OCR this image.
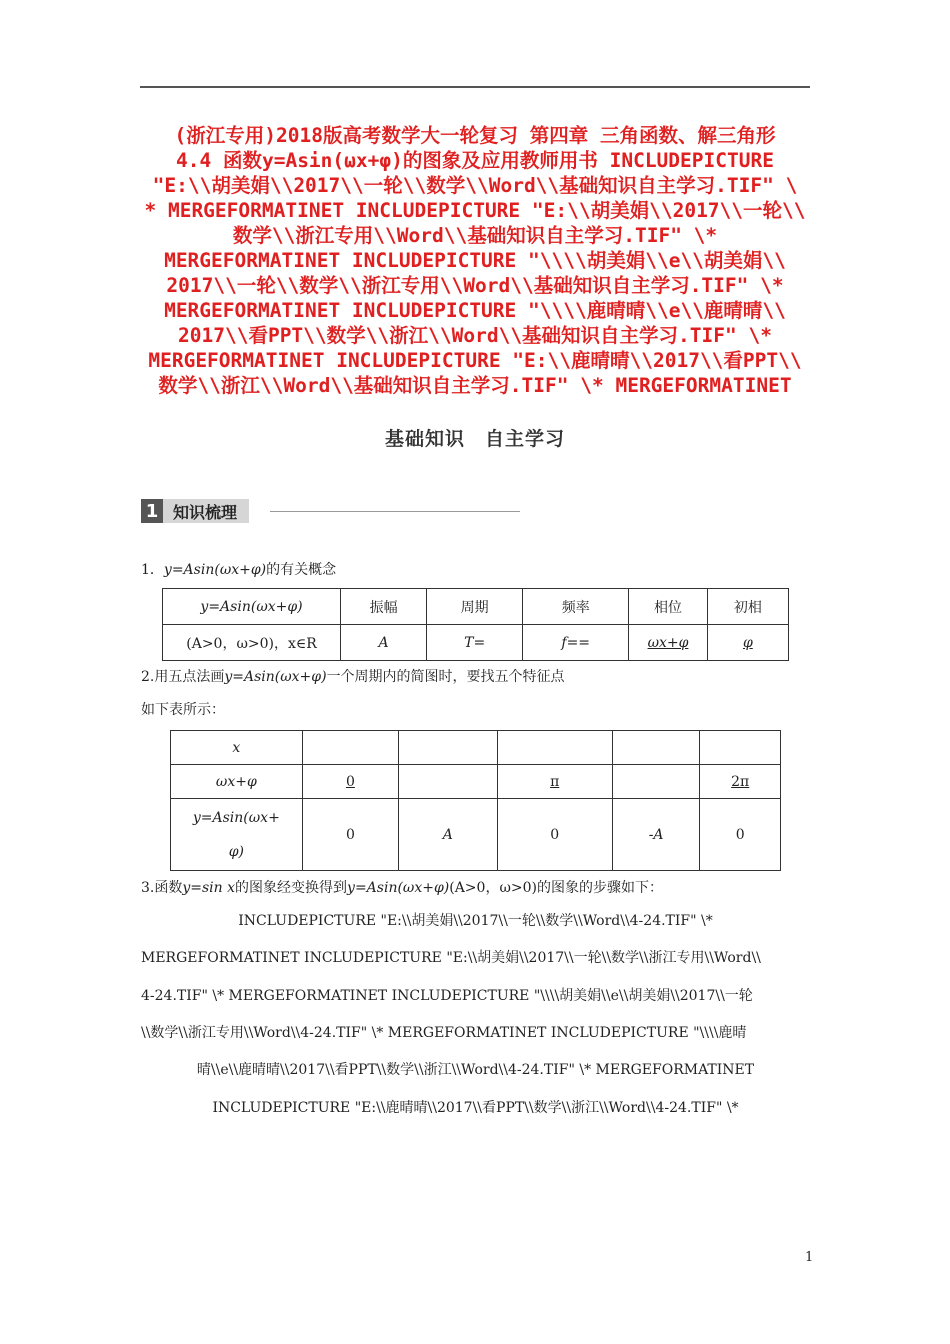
(浙江专用)2018版高考数学大一轮复习 第四章 三角函数、解三角形
4.4 函数y=Asin(ωx+φ)的图象及应用教师用书 INCLUDEPICTURE
"E:\\胡美娟\\2017\\一轮\\数学\\Word\\基础知识自主学习.TIF" \
* MERGEFORMATINET INCLUDEPICTURE "E:\\胡美娟\\2017\\一轮\\
数学\\浙江专用\\Word\\基础知识自主学习.TIF" \*
MERGEFORMATINET INCLUDEPICTURE "\\\\胡美娟\\e\\胡美娟\\
2017\\一轮\\数学\\浙江专用\\Word\\基础知识自主学习.TIF" \*
MERGEFORMATINET INCLUDEPICTURE "\\\\鹿晴晴\\e\\鹿晴晴\\
2017\\看PPT\\数学\\浙江\\Word\\基础知识自主学习.TIF" \*
MERGEFORMATINET INCLUDEPICTURE "E:\\鹿晴晴\\2017\\看PPT\\
数学\\浙江\\Word\\基础知识自主学习.TIF" \* MERGEFORMATINET
基础知识　自主学习
1 知识梳理
1．y=Asin(ωx+φ)的有关概念
y=Asin(ωx+φ)	振幅	周期	频率	相位	初相
(A>0，ω>0)，x∈R	A	T=	f==	ωx+φ	φ
2.用五点法画y=Asin(ωx+φ)一个周期内的简图时，要找五个特征点
如下表所示：
x					
ωx+φ	0		π		2π
y=Asin(ωx+
φ)	0	A	0	-A	0
3.函数y=sin x的图象经变换得到y=Asin(ωx+φ)(A>0，ω>0)的图象的步骤如下：
INCLUDEPICTURE "E:\\胡美娟\\2017\\一轮\\数学\\Word\\4-24.TIF" \*
MERGEFORMATINET INCLUDEPICTURE "E:\\胡美娟\\2017\\一轮\\数学\\浙江专用\\Word\\
4-24.TIF" \* MERGEFORMATINET INCLUDEPICTURE "\\\\胡美娟\\e\\胡美娟\\2017\\一轮
\\数学\\浙江专用\\Word\\4-24.TIF" \* MERGEFORMATINET INCLUDEPICTURE "\\\\鹿晴
晴\\e\\鹿晴晴\\2017\\看PPT\\数学\\浙江\\Word\\4-24.TIF" \* MERGEFORMATINET
INCLUDEPICTURE "E:\\鹿晴晴\\2017\\看PPT\\数学\\浙江\\Word\\4-24.TIF" \*
1
